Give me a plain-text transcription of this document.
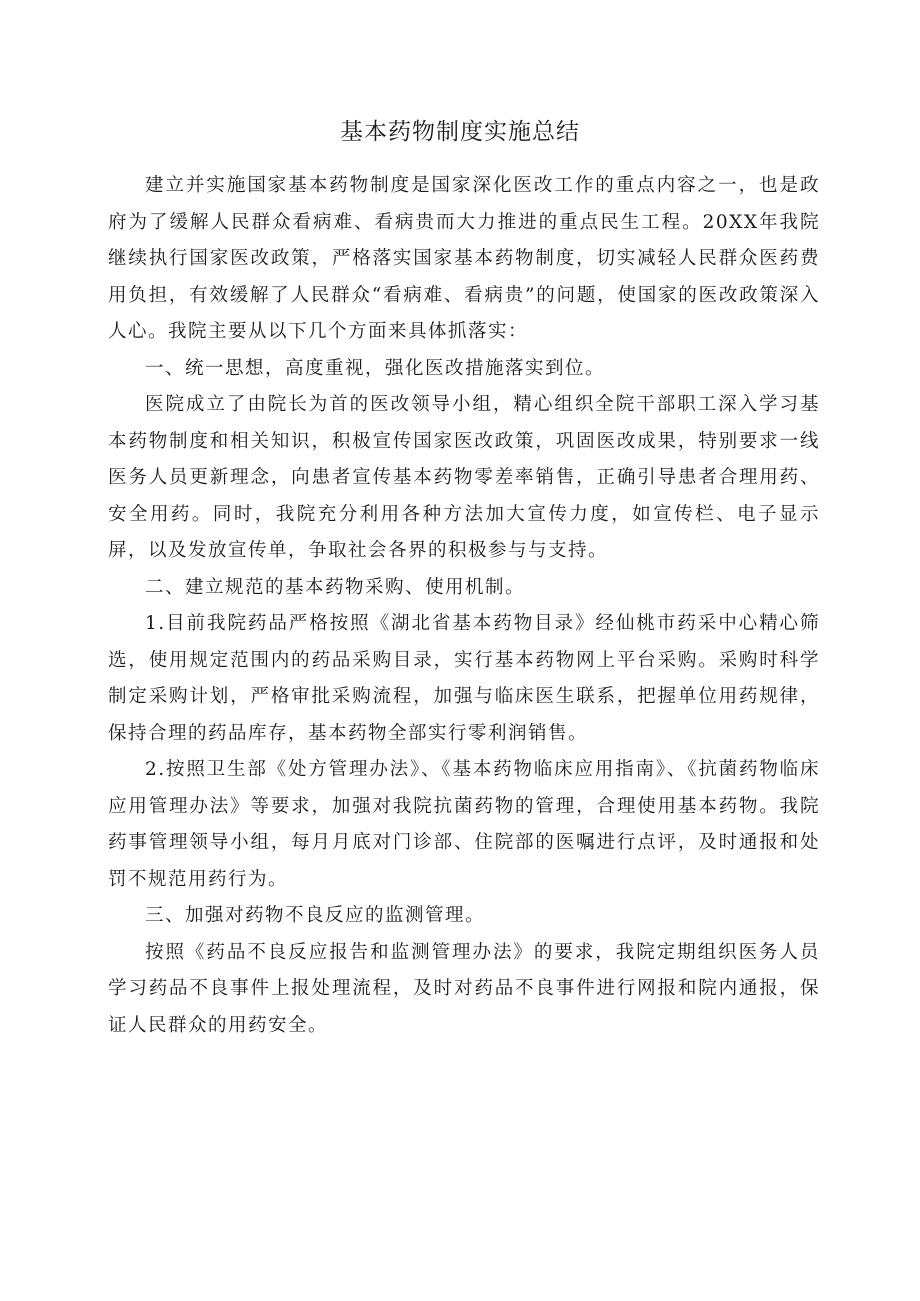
基本药物制度实施总结

建立并实施国家基本药物制度是国家深化医改工作的重点内容之一，也是政府为了缓解人民群众看病难、看病贵而大力推进的重点民生工程。20XX年我院继续执行国家医改政策，严格落实国家基本药物制度，切实减轻人民群众医药费用负担，有效缓解了人民群众“看病难、看病贵”的问题，使国家的医改政策深入人心。我院主要从以下几个方面来具体抓落实：

一、统一思想，高度重视，强化医改措施落实到位。

医院成立了由院长为首的医改领导小组，精心组织全院干部职工深入学习基本药物制度和相关知识，积极宣传国家医改政策，巩固医改成果，特别要求一线医务人员更新理念，向患者宣传基本药物零差率销售，正确引导患者合理用药、安全用药。同时，我院充分利用各种方法加大宣传力度，如宣传栏、电子显示屏，以及发放宣传单，争取社会各界的积极参与与支持。

二、建立规范的基本药物采购、使用机制。

1.目前我院药品严格按照《湖北省基本药物目录》经仙桃市药采中心精心筛选，使用规定范围内的药品采购目录，实行基本药物网上平台采购。采购时科学制定采购计划，严格审批采购流程，加强与临床医生联系，把握单位用药规律，保持合理的药品库存，基本药物全部实行零利润销售。

2.按照卫生部《处方管理办法》、《基本药物临床应用指南》、《抗菌药物临床应用管理办法》等要求，加强对我院抗菌药物的管理，合理使用基本药物。我院药事管理领导小组，每月月底对门诊部、住院部的医嘱进行点评，及时通报和处罚不规范用药行为。

三、加强对药物不良反应的监测管理。

按照《药品不良反应报告和监测管理办法》的要求，我院定期组织医务人员学习药品不良事件上报处理流程，及时对药品不良事件进行网报和院内通报，保证人民群众的用药安全。
